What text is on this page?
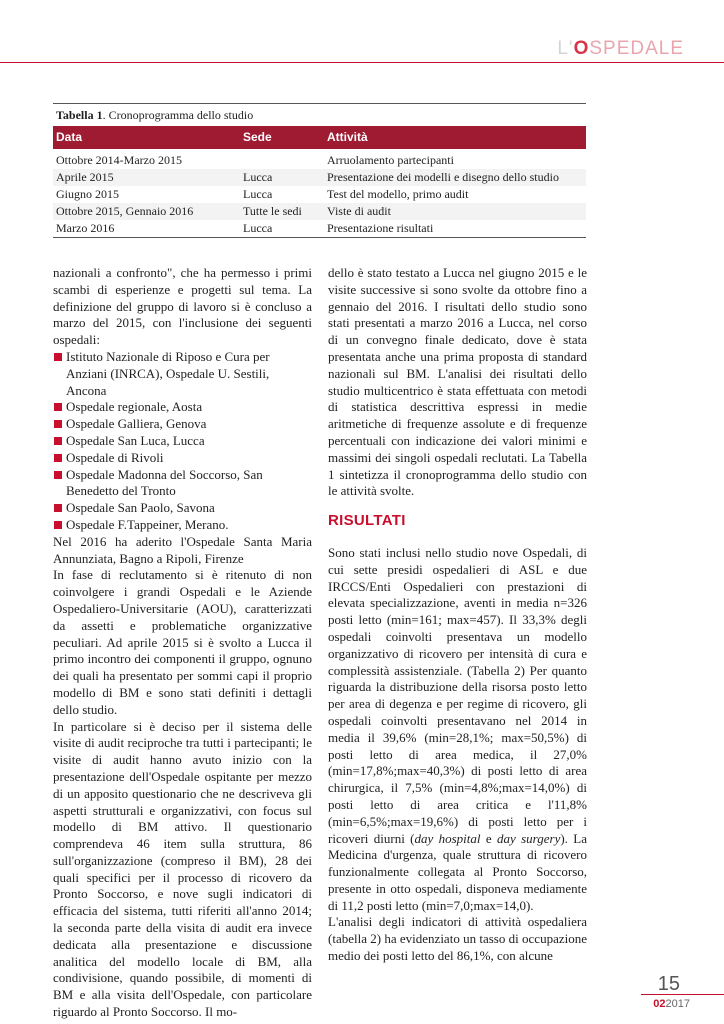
L'OSPEDALE
Tabella 1. Cronoprogramma dello studio
Data	Sede	Attività
Ottobre 2014-Marzo 2015		Arruolamento partecipanti
Aprile 2015	Lucca	Presentazione dei modelli e disegno dello studio
Giugno 2015	Lucca	Test del modello, primo audit
Ottobre 2015, Gennaio 2016	Tutte le sedi	Viste di audit
Marzo 2016	Lucca	Presentazione risultati

nazionali a confronto", che ha permesso i primi scambi di esperienze e progetti sul tema. La definizione del gruppo di lavoro si è concluso a marzo del 2015, con l'inclusione dei seguenti ospedali:

Istituto Nazionale di Riposo e Cura per Anziani (INRCA), Ospedale U. Sestili, Ancona
Ospedale regionale, Aosta
Ospedale Galliera, Genova
Ospedale San Luca, Lucca
Ospedale di Rivoli
Ospedale Madonna del Soccorso, San Benedetto del Tronto
Ospedale San Paolo, Savona
Ospedale F.Tappeiner, Merano.

Nel 2016 ha aderito l'Ospedale Santa Maria Annunziata, Bagno a Ripoli, Firenze

In fase di reclutamento si è ritenuto di non coinvolgere i grandi Ospedali e le Aziende Ospedaliero-Universitarie (AOU), caratterizzati da assetti e problematiche organizzative peculiari. Ad aprile 2015 si è svolto a Lucca il primo incontro dei componenti il gruppo, ognuno dei quali ha presentato per sommi capi il proprio modello di BM e sono stati definiti i dettagli dello studio.

In particolare si è deciso per il sistema delle visite di audit reciproche tra tutti i partecipanti; le visite di audit hanno avuto inizio con la presentazione dell'Ospedale ospitante per mezzo di un apposito questionario che ne descriveva gli aspetti strutturali e organizzativi, con focus sul modello di BM attivo. Il questionario comprendeva 46 item sulla struttura, 86 sull'organizzazione (compreso il BM), 28 dei quali specifici per il processo di ricovero da Pronto Soccorso, e nove sugli indicatori di efficacia del sistema, tutti riferiti all'anno 2014; la seconda parte della visita di audit era invece dedicata alla presentazione e discussione analitica del modello locale di BM, alla condivisione, quando possibile, di momenti di BM e alla visita dell'Ospedale, con particolare riguardo al Pronto Soccorso. Il mo-

dello è stato testato a Lucca nel giugno 2015 e le visite successive si sono svolte da ottobre fino a gennaio del 2016. I risultati dello studio sono stati presentati a marzo 2016 a Lucca, nel corso di un convegno finale dedicato, dove è stata presentata anche una prima proposta di standard nazionali sul BM. L'analisi dei risultati dello studio multicentrico è stata effettuata con metodi di statistica descrittiva espressi in medie aritmetiche di frequenze assolute e di frequenze percentuali con indicazione dei valori minimi e massimi dei singoli ospedali reclutati. La Tabella 1 sintetizza il cronoprogramma dello studio con le attività svolte.

RISULTATI

Sono stati inclusi nello studio nove Ospedali, di cui sette presidi ospedalieri di ASL e due IRCCS/Enti Ospedalieri con prestazioni di elevata specializzazione, aventi in media n=326 posti letto (min=161; max=457). Il 33,3% degli ospedali coinvolti presentava un modello organizzativo di ricovero per intensità di cura e complessità assistenziale. (Tabella 2) Per quanto riguarda la distribuzione della risorsa posto letto per area di degenza e per regime di ricovero, gli ospedali coinvolti presentavano nel 2014 in media il 39,6% (min=28,1%; max=50,5%) di posti letto di area medica, il 27,0%(min=17,8%;max=40,3%) di posti letto di area chirurgica, il 7,5% (min=4,8%;max=14,0%) di posti letto di area critica e l'11,8% (min=6,5%;max=19,6%) di posti letto per i ricoveri diurni (day hospital e day surgery). La Medicina d'urgenza, quale struttura di ricovero funzionalmente collegata al Pronto Soccorso, presente in otto ospedali, disponeva mediamente di 11,2 posti letto (min=7,0;max=14,0).

L'analisi degli indicatori di attività ospedaliera (tabella 2) ha evidenziato un tasso di occupazione medio dei posti letto del 86,1%, con alcune

15
022017
